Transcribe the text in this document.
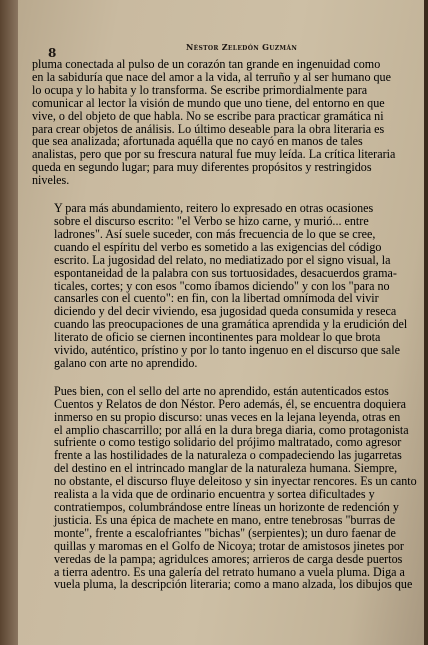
8	Néstor Zeledón Guzmán

pluma conectada al pulso de un corazón tan grande en ingenuidad como
en la sabiduría que nace del amor a la vida, al terruño y al ser humano que
lo ocupa y lo habita y lo transforma. Se escribe primordialmente para
comunicar al lector la visión de mundo que uno tiene, del entorno en que
vive, o del objeto de que habla. No se escribe para practicar gramática ni
para crear objetos de análisis. Lo último deseable para la obra literaria es
que sea analizada; afortunada aquélla que no cayó en manos de tales
analistas, pero que por su frescura natural fue muy leída. La crítica literaria
queda en segundo lugar; para muy diferentes propósitos y restringidos
niveles.

Y para más abundamiento, reitero lo expresado en otras ocasiones
sobre el discurso escrito: "el Verbo se hizo carne, y murió... entre
ladrones". Así suele suceder, con más frecuencia de lo que se cree,
cuando el espíritu del verbo es sometido a las exigencias del código
escrito. La jugosidad del relato, no mediatizado por el signo visual, la
espontaneidad de la palabra con sus tortuosidades, desacuerdos grama-
ticales, cortes; y con esos "como íbamos diciendo" y con los "para no
cansarles con el cuento": en fin, con la libertad omnímoda del vivir
diciendo y del decir viviendo, esa jugosidad queda consumida y reseca
cuando las preocupaciones de una gramática aprendida y la erudición del
literato de oficio se ciernen incontinentes para moldear lo que brota
vivido, auténtico, prístino y por lo tanto ingenuo en el discurso que sale
galano con arte no aprendido.

Pues bien, con el sello del arte no aprendido, están autenticados estos
Cuentos y Relatos de don Néstor. Pero además, él, se encuentra doquiera
inmerso en su propio discurso: unas veces en la lejana leyenda, otras en
el amplio chascarrillo; por allá en la dura brega diaria, como protagonista
sufriente o como testigo solidario del prójimo maltratado, como agresor
frente a las hostilidades de la naturaleza o compadeciendo las jugarretas
del destino en el intrincado manglar de la naturaleza humana. Siempre,
no obstante, el discurso fluye deleitoso y sin inyectar rencores. Es un canto
realista a la vida que de ordinario encuentra y sortea dificultades y
contratiempos, columbrándose entre líneas un horizonte de redención y
justicia. Es una épica de machete en mano, entre tenebrosas "burras de
monte", frente a escalofriantes "bichas" (serpientes); un duro faenar de
quillas y maromas en el Golfo de Nicoya; trotar de amistosos jinetes por
veredas de la pampa; agridulces amores; arrieros de carga desde puertos
a tierra adentro. Es una galería del retrato humano a vuela pluma. Diga a
vuela pluma, la descripción literaria; como a mano alzada, los dibujos que
